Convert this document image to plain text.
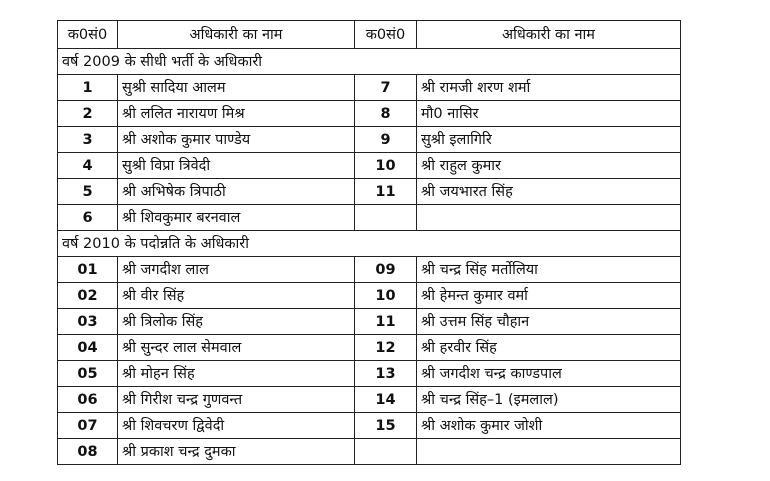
क0सं0	अधिकारी का नाम	क0सं0	अधिकारी का नाम
वर्ष 2009 के सीधी भर्ती के अधिकारी			
1	सुश्री सादिया आलम	7	श्री रामजी शरण शर्मा
2	श्री ललित नारायण मिश्र	8	मौ0 नासिर
3	श्री अशोक कुमार पाण्डेय	9	सुश्री इलागिरि
4	सुश्री विप्रा त्रिवेदी	10	श्री राहुल कुमार
5	श्री अभिषेक त्रिपाठी	11	श्री जयभारत सिंह
6	श्री शिवकुमार बरनवाल		
वर्ष 2010 के पदोन्नति के अधिकारी			
01	श्री जगदीश लाल	09	श्री चन्द्र सिंह मर्तोलिया
02	श्री वीर सिंह	10	श्री हेमन्त कुमार वर्मा
03	श्री त्रिलोक सिंह	11	श्री उत्तम सिंह चौहान
04	श्री सुन्दर लाल सेमवाल	12	श्री हरवीर सिंह
05	श्री मोहन सिंह	13	श्री जगदीश चन्द्र काण्डपाल
06	श्री गिरीश चन्द्र गुणवन्त	14	श्री चन्द्र सिंह–1 (इमलाल)
07	श्री शिवचरण द्विवेदी	15	श्री अशोक कुमार जोशी
08	श्री प्रकाश चन्द्र दुमका		
